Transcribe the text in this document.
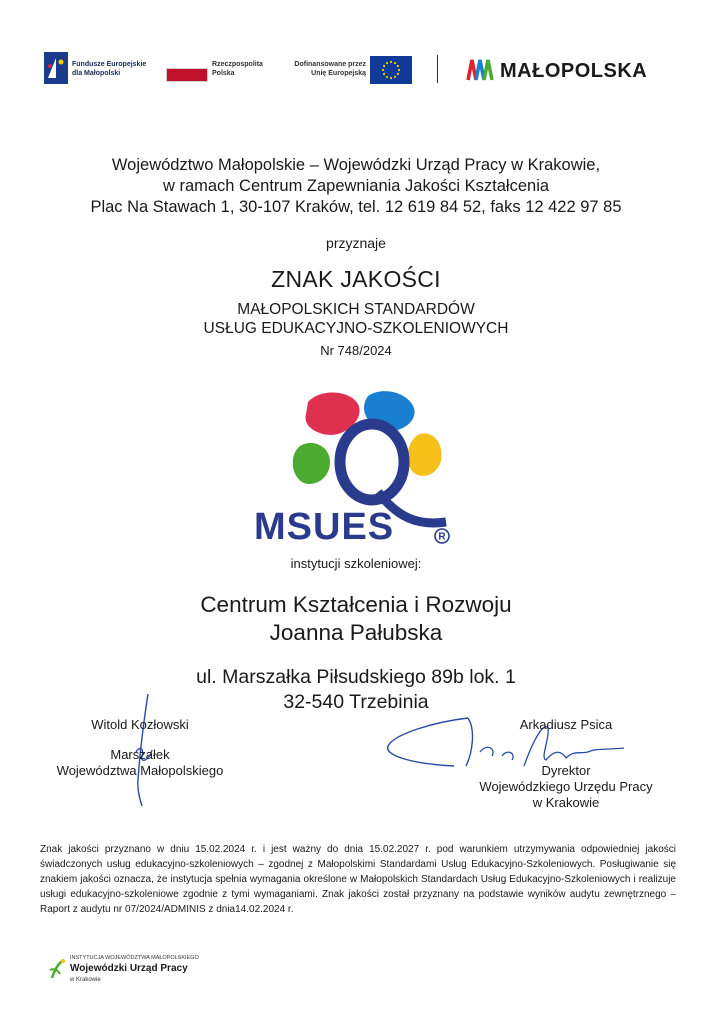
Fundusze Europejskie
dla Małopolski
Rzeczpospolita
Polska
Dofinansowane przez
Unię Europejską	MAŁOPOLSKA
Województwo Małopolskie – Wojewódzki Urząd Pracy w Krakowie,
w ramach Centrum Zapewniania Jakości Kształcenia
Plac Na Stawach 1, 30-107 Kraków, tel. 12 619 84 52, faks 12 422 97 85
przyznaje
ZNAK JAKOŚCI
MAŁOPOLSKICH STANDARDÓW
USŁUG EDUKACYJNO-SZKOLENIOWYCH
Nr 748/2024
MSUES	R
instytucji szkoleniowej:
Centrum Kształcenia i Rozwoju
Joanna Pałubska
ul. Marszałka Piłsudskiego 89b lok. 1
32-540 Trzebinia
Witold Kozłowski
Marszałek
Województwa Małopolskiego
Arkadiusz Psica
Dyrektor
Wojewódzkiego Urzędu Pracy
w Krakowie
Znak jakości przyznano w dniu 15.02.2024 r. i jest ważny do dnia 15.02.2027 r. pod warunkiem utrzymywania odpowiedniej jakości świadczonych usług edukacyjno-szkoleniowych – zgodnej z Małopolskimi Standardami Usług Edukacyjno-Szkoleniowych. Posługiwanie się znakiem jakości oznacza, że instytucja spełnia wymagania określone w Małopolskich Standardach Usług Edukacyjno-Szkoleniowych i realizuje usługi edukacyjno-szkoleniowe zgodnie z tymi wymaganiami. Znak jakości został przyznany na podstawie wyników audytu zewnętrznego – Raport z audytu nr 07/2024/ADMINIS z dnia14.02.2024 r.
INSTYTUCJA WOJEWÓDZTWA MAŁOPOLSKIEGO
Wojewódzki Urząd Pracy
w Krakowie
